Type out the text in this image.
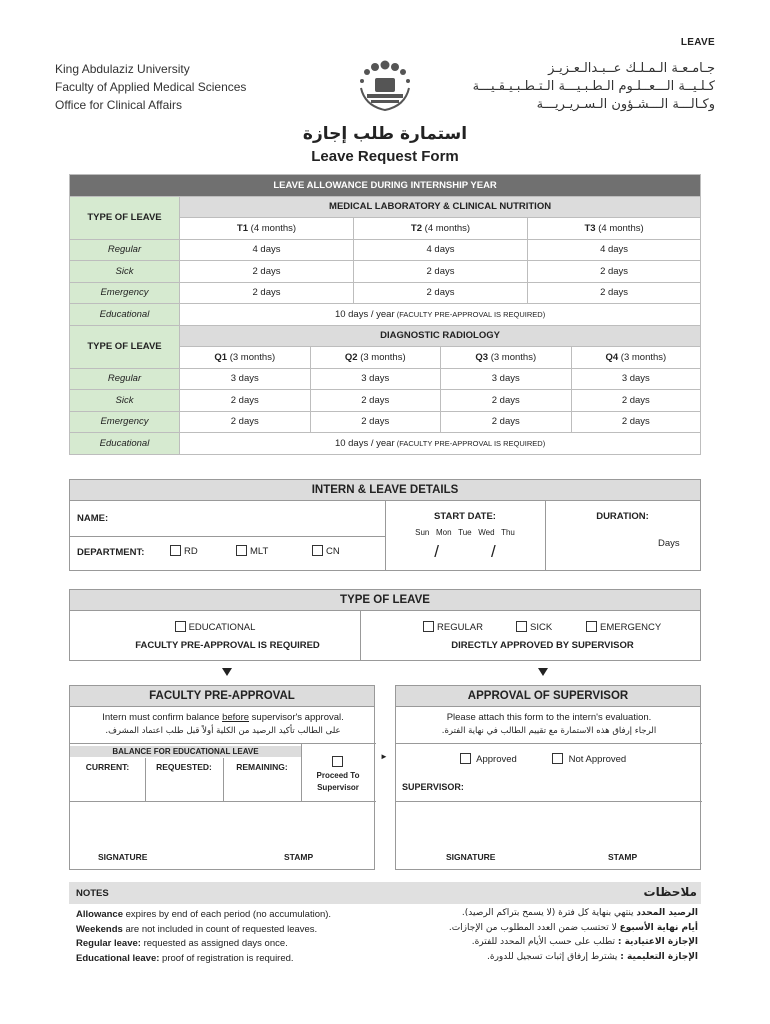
LEAVE
King Abdulaziz University
Faculty of Applied Medical Sciences
Office for Clinical Affairs
جـامـعـة الـمـلـك عــبـدالـعـزيـز
كـلـيــة الـــعــلـوم الـطـبـيـــة الـتـطـبـيـقـيـــة
وكـالـــة الـــشـؤون الـسـريـريـــة
استمارة طلب إجازة
Leave Request Form
LEAVE ALLOWANCE DURING INTERNSHIP YEAR						
TYPE OF LEAVE	MEDICAL LABORATORY & CLINICAL NUTRITION					
	T1 (4 months)		T2 (4 months)		T3 (4 months)	
Regular	4 days		4 days		4 days	
Sick	2 days		2 days		2 days	
Emergency	2 days		2 days		2 days	
Educational	10 days / year (FACULTY PRE-APPROVAL IS REQUIRED)					
TYPE OF LEAVE	DIAGNOSTIC RADIOLOGY					
	Q1 (3 months)	Q2 (3 months)		Q3 (3 months)		Q4 (3 months)
Regular	3 days	3 days		3 days		3 days
Sick	2 days	2 days		2 days		2 days
Emergency	2 days	2 days		2 days		2 days
Educational	10 days / year (FACULTY PRE-APPROVAL IS REQUIRED)					
INTERN & LEAVE DETAILS
NAME:
DEPARTMENT:	RD	MLT	CN
START DATE:
Sun   Mon   Tue   Wed   Thu
/           /
DURATION:
Days
TYPE OF LEAVE
EDUCATIONAL
FACULTY PRE-APPROVAL IS REQUIRED
REGULAR	SICK	EMERGENCY
DIRECTLY APPROVED BY SUPERVISOR
FACULTY PRE-APPROVAL
Intern must confirm balance before supervisor's approval.
على الطالب تأكيد الرصيد من الكلية أولاً قبل طلب اعتماد المشرف.
BALANCE FOR EDUCATIONAL LEAVE
CURRENT:	REQUESTED:	REMAINING:
Proceed To Supervisor
SIGNATURE	STAMP
►
APPROVAL OF SUPERVISOR
Please attach this form to the intern's evaluation.
الرجاء إرفاق هذه الاستمارة مع تقييم الطالب في نهاية الفترة.
Approved	Not Approved
SUPERVISOR:
SIGNATURE	STAMP
NOTES	ملاحظات
Allowance expires by end of each period (no accumulation).
Weekends are not included in count of requested leaves.
Regular leave: requested as assigned days once.
Educational leave: proof of registration is required.
الرصيد المحدد ينتهي بنهاية كل فترة (لا يسمح بتراكم الرصيد).
أيام نهاية الأسبوع لا تحتسب ضمن العدد المطلوب من الإجازات.
الإجازة الاعتيادية : تطلب على حسب الأيام المحدد للفترة.
الإجازة التعليمية : يشترط إرفاق إثبات تسجيل للدورة.
